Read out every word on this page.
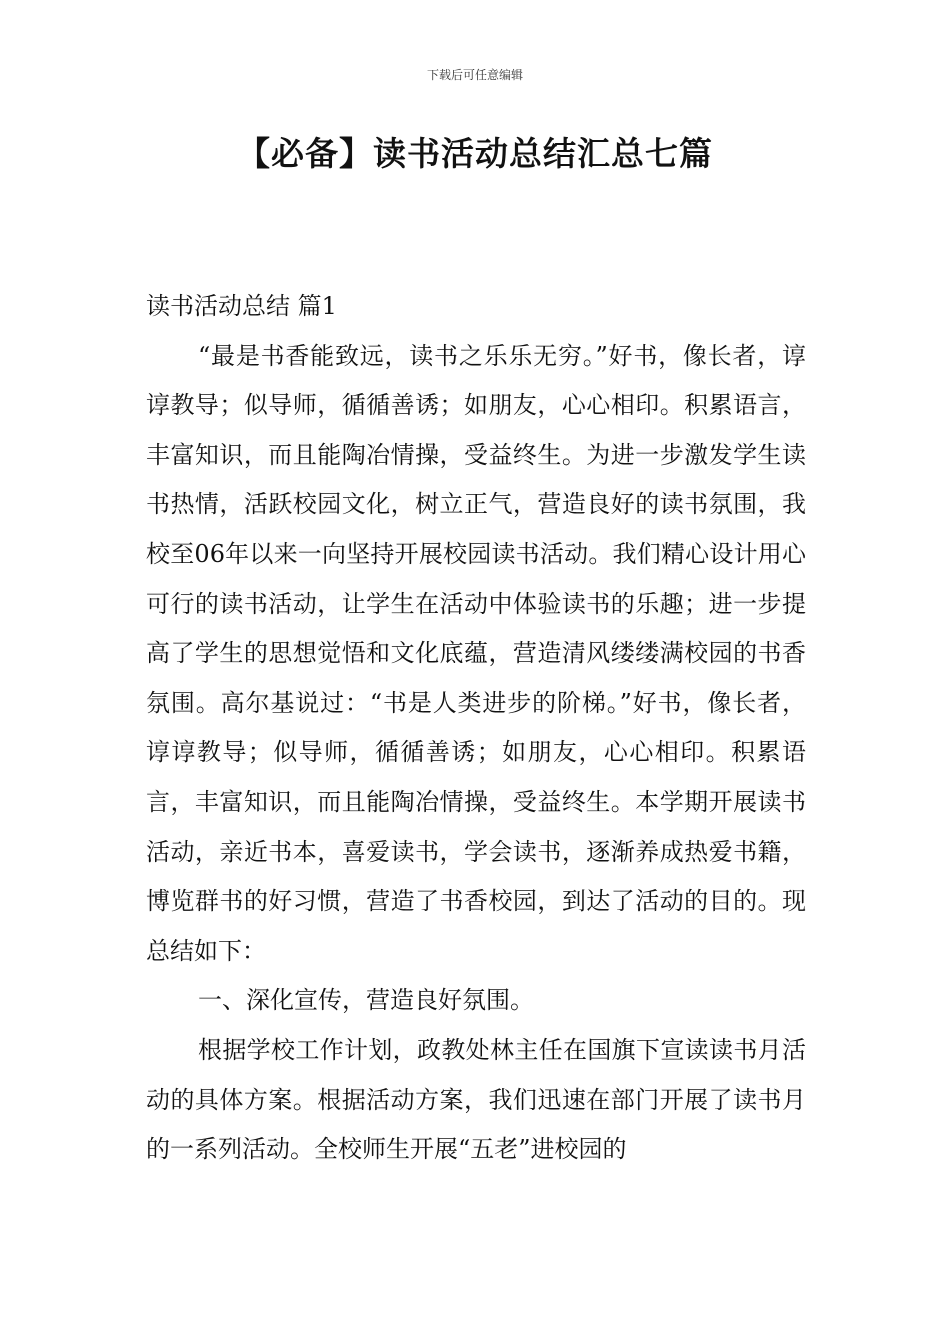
下载后可任意编辑
【必备】读书活动总结汇总七篇

读书活动总结 篇1

“最是书香能致远，读书之乐乐无穷。”好书，像长者，谆谆教导；似导师，循循善诱；如朋友，心心相印。积累语言，丰富知识，而且能陶冶情操，受益终生。为进一步激发学生读书热情，活跃校园文化，树立正气，营造良好的读书氛围，我校至06年以来一向坚持开展校园读书活动。我们精心设计用心可行的读书活动，让学生在活动中体验读书的乐趣；进一步提高了学生的思想觉悟和文化底蕴，营造清风缕缕满校园的书香氛围。高尔基说过：“书是人类进步的阶梯。”好书，像长者，谆谆教导；似导师，循循善诱；如朋友，心心相印。积累语言，丰富知识，而且能陶冶情操，受益终生。本学期开展读书活动，亲近书本，喜爱读书，学会读书，逐渐养成热爱书籍，博览群书的好习惯，营造了书香校园，到达了活动的目的。现总结如下：

一、深化宣传，营造良好氛围。

根据学校工作计划，政教处林主任在国旗下宣读读书月活动的具体方案。根据活动方案，我们迅速在部门开展了读书月的一系列活动。全校师生开展“五老”进校园的
